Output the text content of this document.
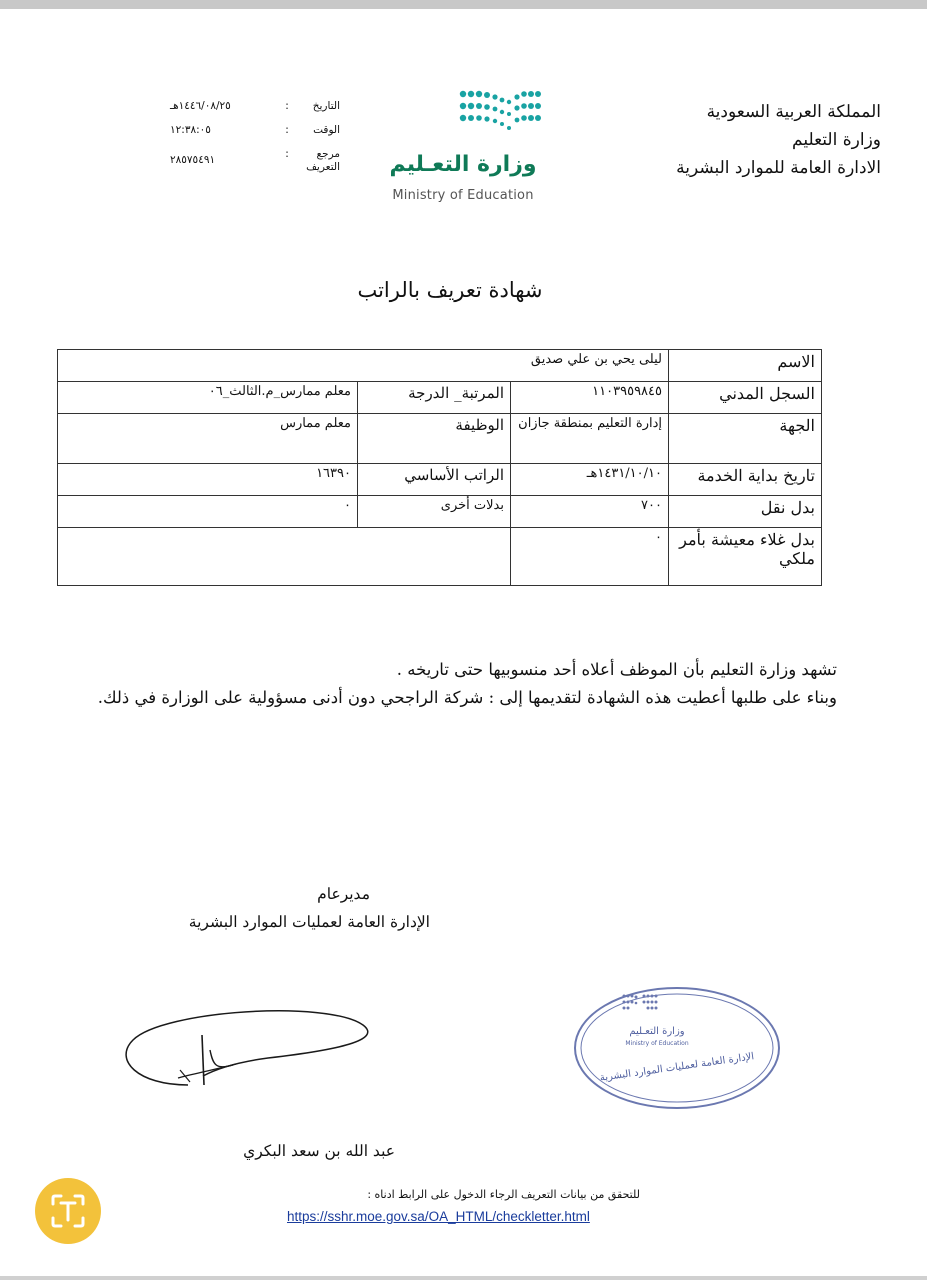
المملكة العربية السعودية
وزارة التعليم
الادارة العامة للموارد البشرية
وزارة التعـليم
Ministry of Education
التاريخ
:
١٤٤٦/٠٨/٢٥هـ
الوقت
:
١٢:٣٨:٠٥
مرجع التعريف
:
٢٨٥٧٥٤٩١
شهادة تعريف بالراتب
الاسم	ليلى يحي بن علي صديق		
السجل المدني	١١٠٣٩٥٩٨٤٥	المرتبة_ الدرجة	معلم ممارس_م.الثالث_٠٦
الجهة	إدارة التعليم بمنطقة جازان	الوظيفة	معلم ممارس
تاريخ بداية الخدمة	١٤٣١/١٠/١٠هـ	الراتب الأساسي	١٦٣٩٠
بدل نقل	٧٠٠	بدلات أخرى	٠
بدل غلاء معيشة بأمر ملكي	٠		
تشهد وزارة التعليم بأن الموظف أعلاه أحد منسوبيها حتى تاريخه .
وبناء على طلبها أعطيت هذه الشهادة لتقديمها إلى : شركة الراجحي دون أدنى مسؤولية على الوزارة في ذلك.
مديرعام
الإدارة العامة لعمليات الموارد البشرية
وزارة التعـليم
Ministry of Education
الإدارة العامة لعمليات الموارد البشرية
عبد الله بن سعد البكري
للتحقق من بيانات التعريف الرجاء الدخول على الرابط ادناه :
https://sshr.moe.gov.sa/OA_HTML/checkletter.html
